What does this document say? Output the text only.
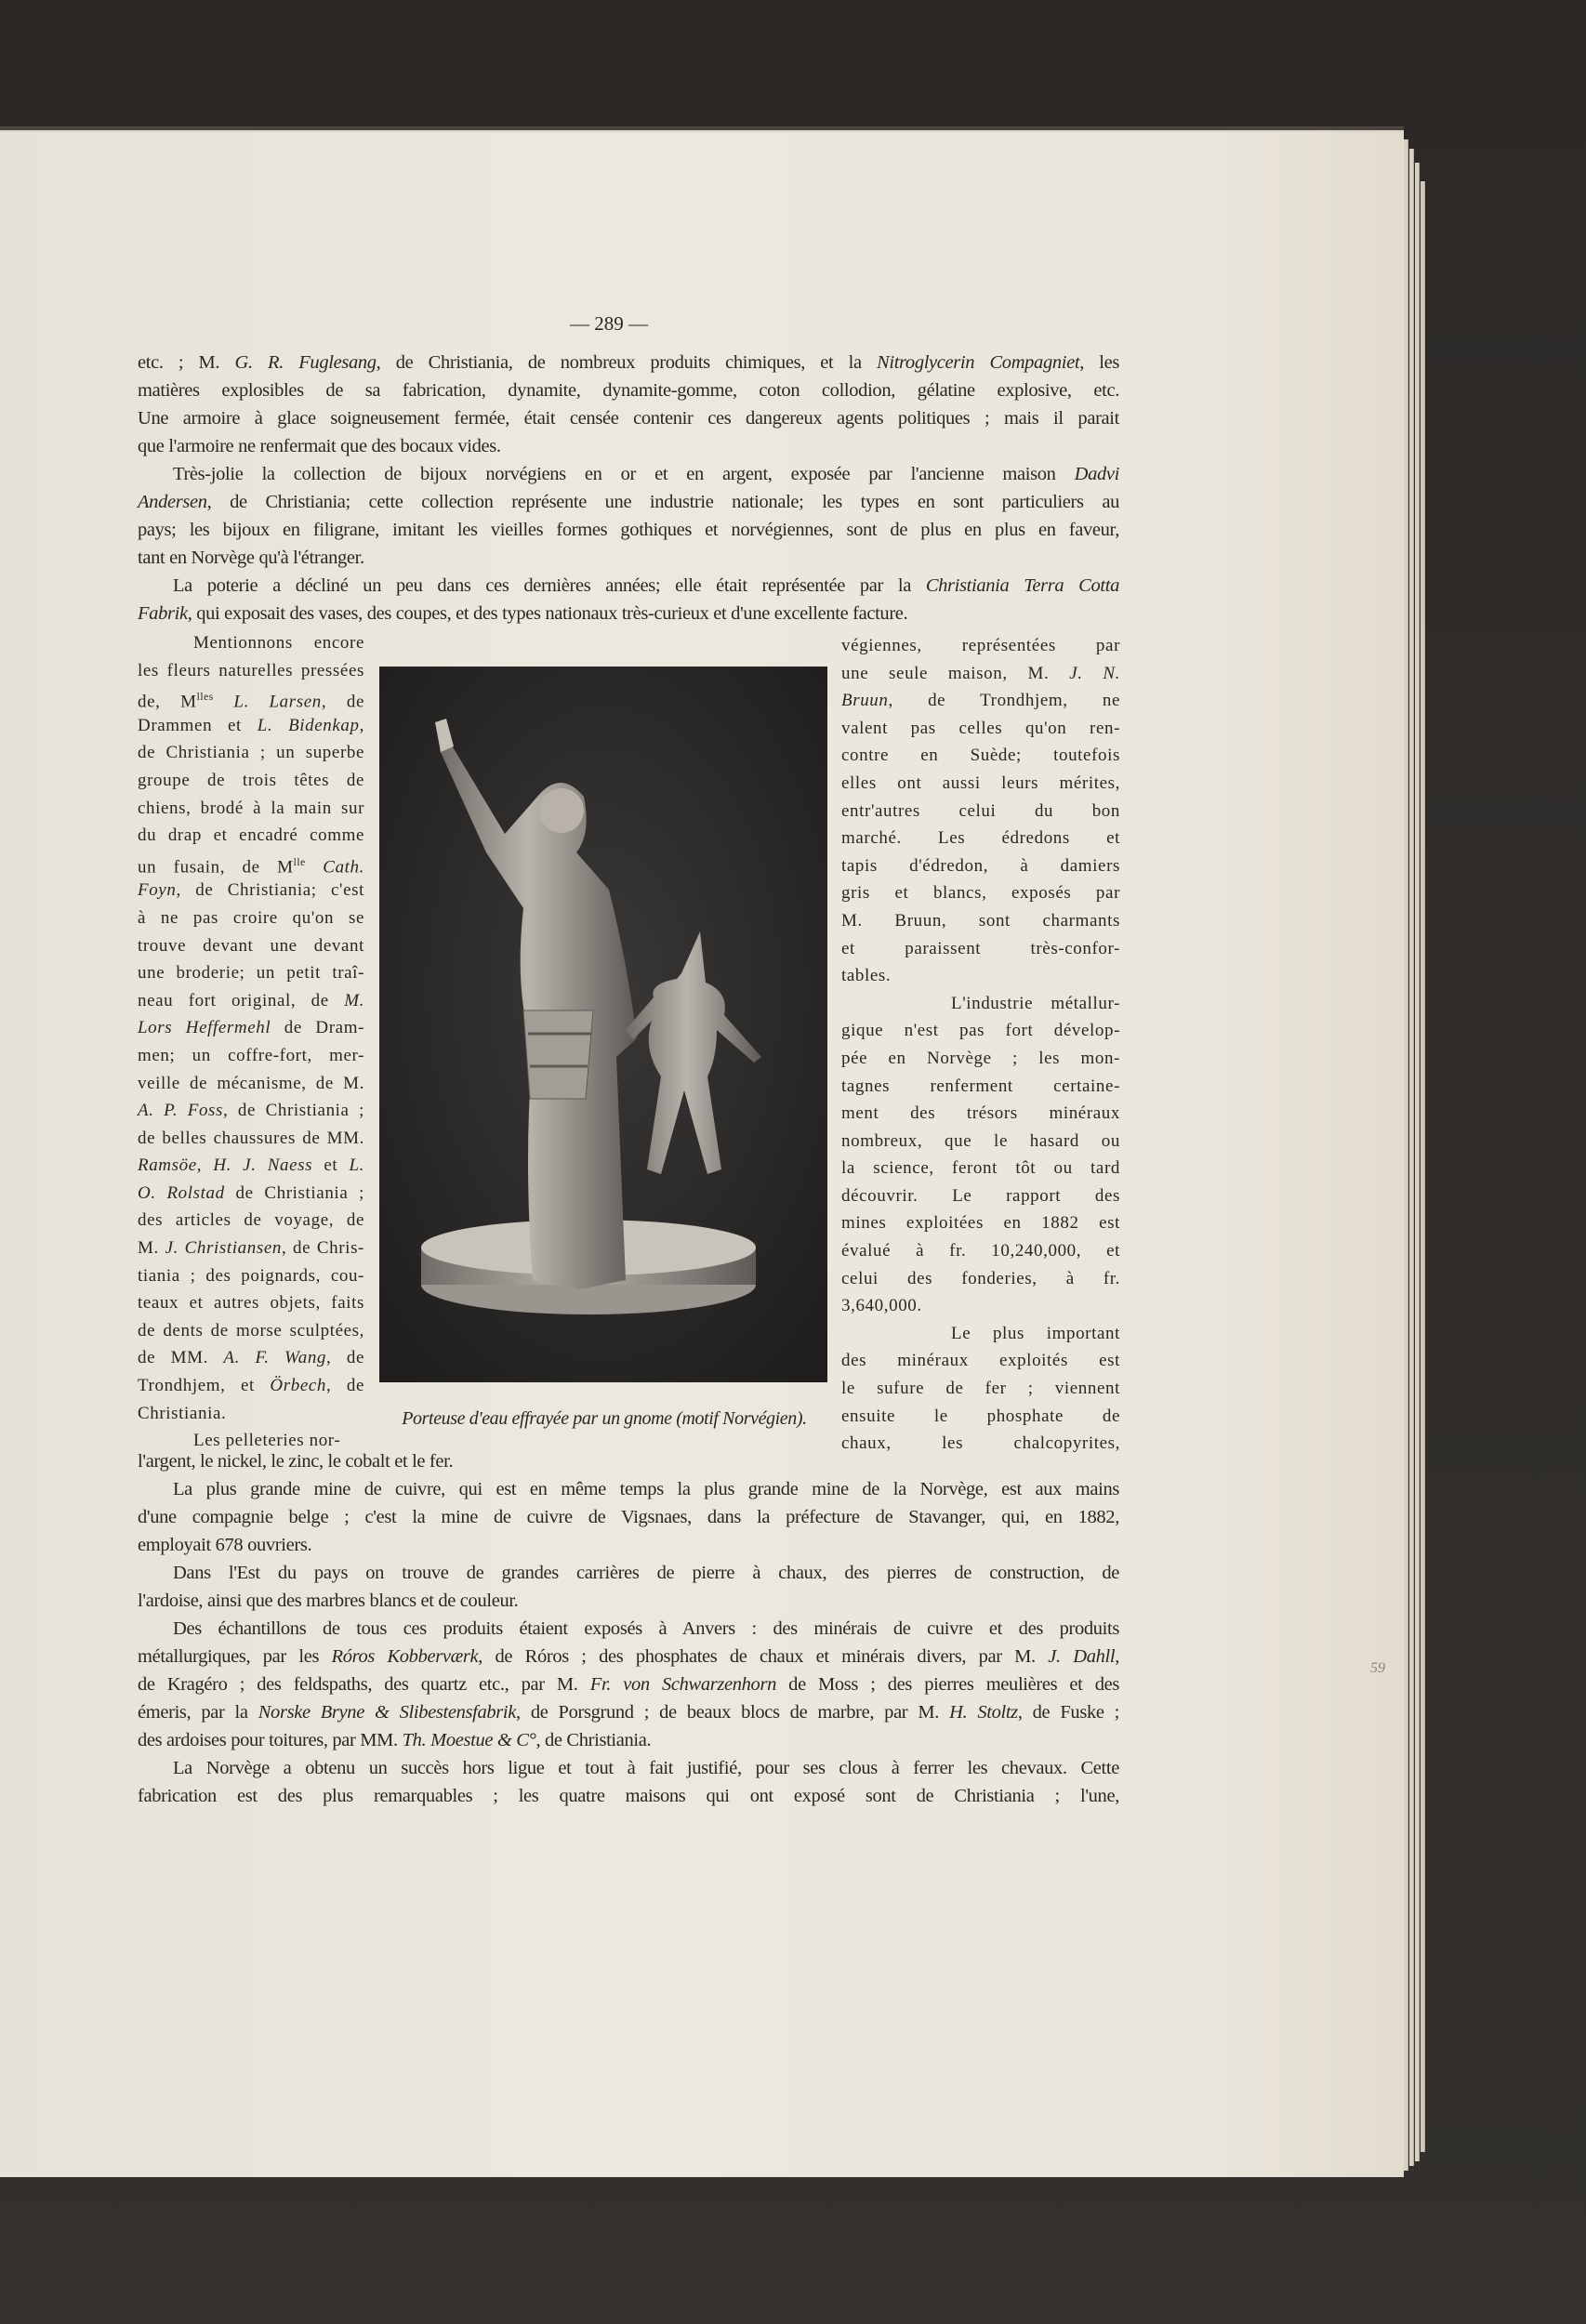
— 289 —
etc. ; M. G. R. Fuglesang, de Christiania, de nombreux produits chimiques, et la Nitroglycerin Compagniet, les
matières explosibles de sa fabrication, dynamite, dynamite-gomme, coton collodion, gélatine explosive, etc.
Une armoire à glace soigneusement fermée, était censée contenir ces dangereux agents politiques ; mais il parait
que l'armoire ne renfermait que des bocaux vides.
Très-jolie la collection de bijoux norvégiens en or et en argent, exposée par l'ancienne maison Dadvi
Andersen, de Christiania; cette collection représente une industrie nationale; les types en sont particuliers au
pays; les bijoux en filigrane, imitant les vieilles formes gothiques et norvégiennes, sont de plus en plus en faveur,
tant en Norvège qu'à l'étranger.
La poterie a décliné un peu dans ces dernières années; elle était représentée par la Christiania Terra Cotta
Fabrik, qui exposait des vases, des coupes, et des types nationaux très-curieux et d'une excellente facture.
Mentionnons encore
les fleurs naturelles pressées
de, $M^{lles}$ L. Larsen, de
Drammen et L. Bidenkap,
de Christiania ; un superbe
groupe de trois têtes de
chiens, brodé à la main sur
du drap et encadré comme
un fusain, de $M^{lle}$ Cath.
Foyn, de Christiania; c'est
à ne pas croire qu'on se
trouve devant une devant
une broderie; un petit traî-
neau fort original, de M.
Lors Heffermehl de Dram-
men; un coffre-fort, mer-
veille de mécanisme, de M.
A. P. Foss, de Christiania ;
de belles chaussures de MM.
Ramsöe, H. J. Naess et L.
O. Rolstad de Christiania ;
des articles de voyage, de
M. J. Christiansen, de Chris-
tiania ; des poignards, cou-
teaux et autres objets, faits
de dents de morse sculptées,
de MM. A. F. Wang, de
Trondhjem, et Örbech, de
Christiania.
Les pelleteries nor-
végiennes, représentées par
une seule maison, M. J. N.
Bruun, de Trondhjem, ne
valent pas celles qu'on ren-
contre en Suède; toutefois
elles ont aussi leurs mérites,
entr'autres celui du bon
marché. Les édredons et
tapis d'édredon, à damiers
gris et blancs, exposés par
M. Bruun, sont charmants
et paraissent très-confor-
tables.
L'industrie métallur-
gique n'est pas fort dévelop-
pée en Norvège ; les mon-
tagnes renferment certaine-
ment des trésors minéraux
nombreux, que le hasard ou
la science, feront tôt ou tard
découvrir. Le rapport des
mines exploitées en 1882 est
évalué à fr. 10,240,000, et
celui des fonderies, à fr.
3,640,000.
Le plus important
des minéraux exploités est
le sufure de fer ; viennent
ensuite le phosphate de
chaux, les chalcopyrites,
Porteuse d'eau effrayée par un gnome (motif Norvégien).
l'argent, le nickel, le zinc, le cobalt et le fer.
La plus grande mine de cuivre, qui est en même temps la plus grande mine de la Norvège, est aux mains
d'une compagnie belge ; c'est la mine de cuivre de Vigsnaes, dans la préfecture de Stavanger, qui, en 1882,
employait 678 ouvriers.
Dans l'Est du pays on trouve de grandes carrières de pierre à chaux, des pierres de construction, de
l'ardoise, ainsi que des marbres blancs et de couleur.
Des échantillons de tous ces produits étaient exposés à Anvers : des minérais de cuivre et des produits
métallurgiques, par les Róros Kobberværk, de Róros ; des phosphates de chaux et minérais divers, par M. J. Dahll,
de Kragéro ; des feldspaths, des quartz etc., par M. Fr. von Schwarzenhorn de Moss ; des pierres meulières et des
émeris, par la Norske Bryne & Slibestensfabrik, de Porsgrund ; de beaux blocs de marbre, par M. H. Stoltz, de Fuske ;
des ardoises pour toitures, par MM. Th. Moestue & C°, de Christiania.
La Norvège a obtenu un succès hors ligue et tout à fait justifié, pour ses clous à ferrer les chevaux. Cette
fabrication est des plus remarquables ; les quatre maisons qui ont exposé sont de Christiania ; l'une,
59
